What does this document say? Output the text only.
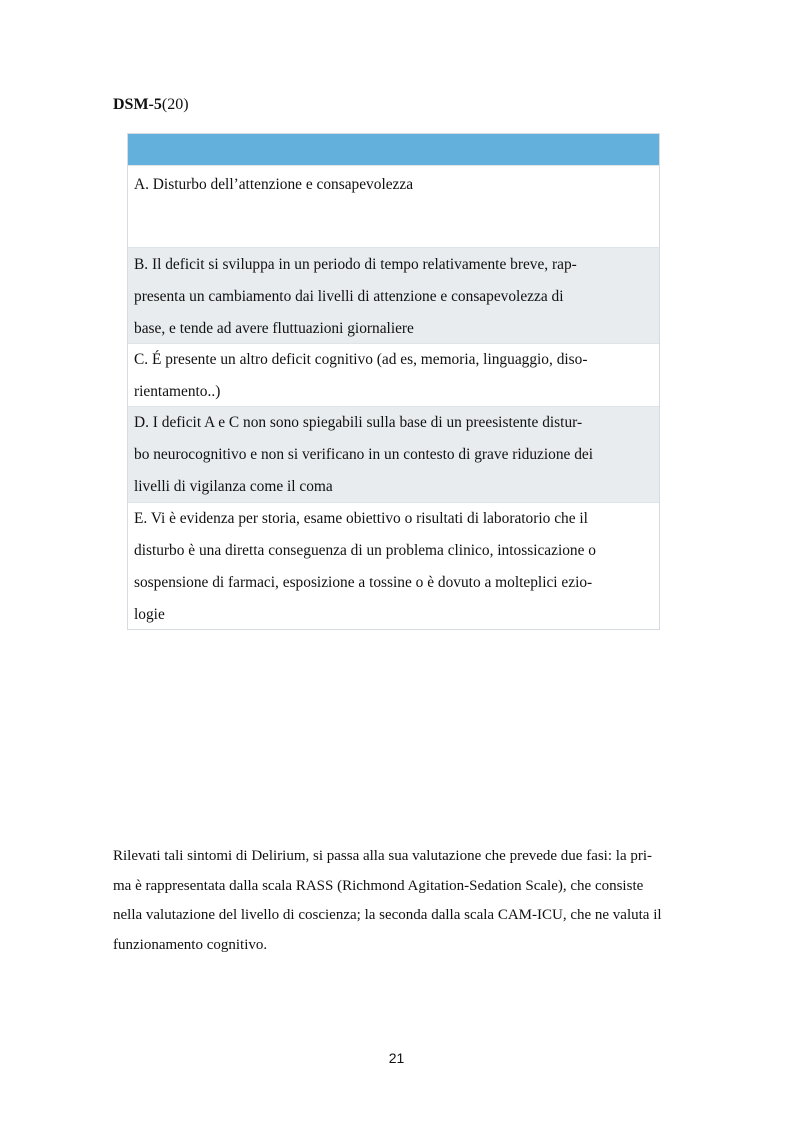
DSM-5(20)
A. Disturbo dell’attenzione e consapevolezza
B. Il deficit si sviluppa in un periodo di tempo relativamente breve, rap-
presenta un cambiamento dai livelli di attenzione e consapevolezza di
base, e tende ad avere fluttuazioni giornaliere
C. É presente un altro deficit cognitivo (ad es, memoria, linguaggio, diso-
rientamento..)
D. I deficit A e C non sono spiegabili sulla base di un preesistente distur-
bo neurocognitivo e non si verificano in un contesto di grave riduzione dei
livelli di vigilanza come il coma
E. Vi è evidenza per storia, esame obiettivo o risultati di laboratorio che il
disturbo è una diretta conseguenza di un problema clinico, intossicazione o
sospensione di farmaci, esposizione a tossine o è dovuto a molteplici ezio-
logie
Rilevati tali sintomi di Delirium, si passa alla sua valutazione che prevede due fasi: la pri-
ma è rappresentata dalla scala RASS (Richmond Agitation-Sedation Scale), che consiste
nella valutazione del livello di coscienza; la seconda dalla scala CAM-ICU, che ne valuta il
funzionamento cognitivo.
21
